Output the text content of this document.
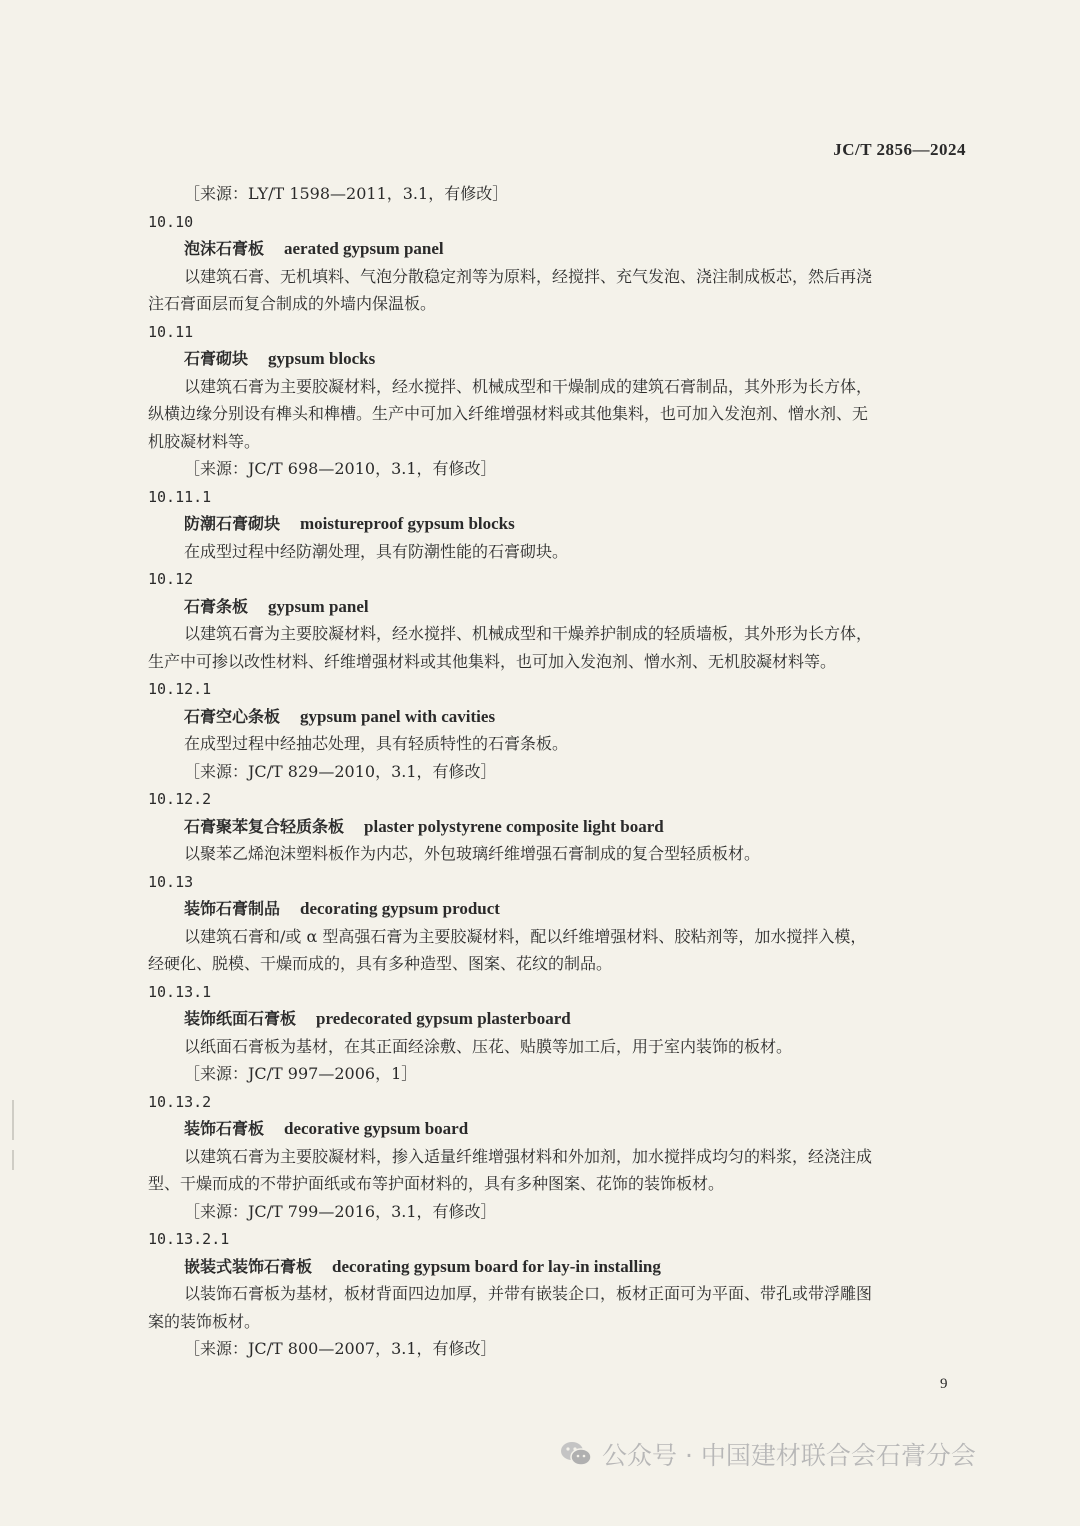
JC/T 2856—2024
［来源：LY/T 1598—2011，3.1，有修改］
10.10
泡沫石膏板 aerated gypsum panel
以建筑石膏、无机填料、气泡分散稳定剂等为原料，经搅拌、充气发泡、浇注制成板芯，然后再浇
注石膏面层而复合制成的外墙内保温板。
10.11
石膏砌块 gypsum blocks
以建筑石膏为主要胶凝材料，经水搅拌、机械成型和干燥制成的建筑石膏制品，其外形为长方体，
纵横边缘分别设有榫头和榫槽。生产中可加入纤维增强材料或其他集料，也可加入发泡剂、憎水剂、无
机胶凝材料等。
［来源：JC/T 698—2010，3.1，有修改］
10.11.1
防潮石膏砌块 moistureproof gypsum blocks
在成型过程中经防潮处理，具有防潮性能的石膏砌块。
10.12
石膏条板 gypsum panel
以建筑石膏为主要胶凝材料，经水搅拌、机械成型和干燥养护制成的轻质墙板，其外形为长方体，
生产中可掺以改性材料、纤维增强材料或其他集料，也可加入发泡剂、憎水剂、无机胶凝材料等。
10.12.1
石膏空心条板 gypsum panel with cavities
在成型过程中经抽芯处理，具有轻质特性的石膏条板。
［来源：JC/T 829—2010，3.1，有修改］
10.12.2
石膏聚苯复合轻质条板 plaster polystyrene composite light board
以聚苯乙烯泡沫塑料板作为内芯，外包玻璃纤维增强石膏制成的复合型轻质板材。
10.13
装饰石膏制品 decorating gypsum product
以建筑石膏和/或 α 型高强石膏为主要胶凝材料，配以纤维增强材料、胶粘剂等，加水搅拌入模，
经硬化、脱模、干燥而成的，具有多种造型、图案、花纹的制品。
10.13.1
装饰纸面石膏板 predecorated gypsum plasterboard
以纸面石膏板为基材，在其正面经涂敷、压花、贴膜等加工后，用于室内装饰的板材。
［来源：JC/T 997—2006，1］
10.13.2
装饰石膏板 decorative gypsum board
以建筑石膏为主要胶凝材料，掺入适量纤维增强材料和外加剂，加水搅拌成均匀的料浆，经浇注成
型、干燥而成的不带护面纸或布等护面材料的，具有多种图案、花饰的装饰板材。
［来源：JC/T 799—2016，3.1，有修改］
10.13.2.1
嵌装式装饰石膏板 decorating gypsum board for lay-in installing
以装饰石膏板为基材，板材背面四边加厚，并带有嵌装企口，板材正面可为平面、带孔或带浮雕图
案的装饰板材。
［来源：JC/T 800—2007，3.1，有修改］
9
公众号 · 中国建材联合会石膏分会
